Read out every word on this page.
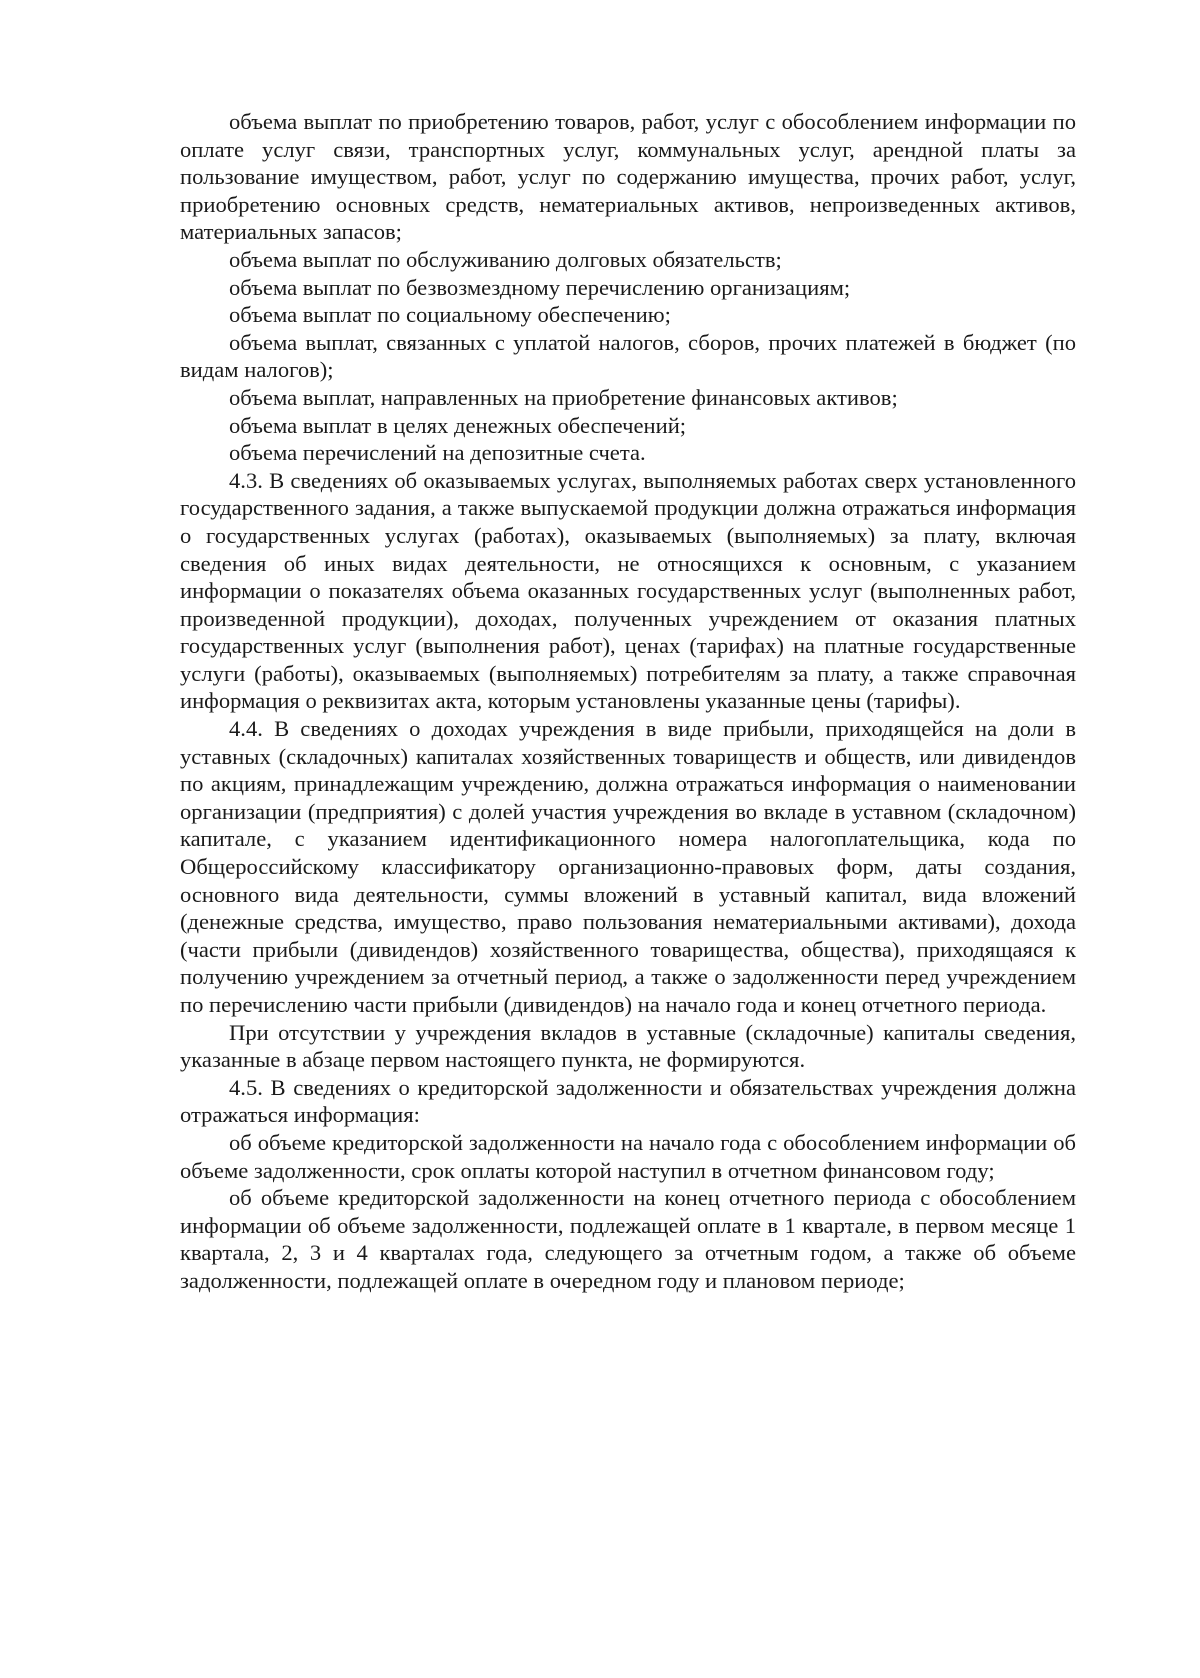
объема выплат по приобретению товаров, работ, услуг с обособлением информации по оплате услуг связи, транспортных услуг, коммунальных услуг, арендной платы за пользование имуществом, работ, услуг по содержанию имущества, прочих работ, услуг, приобретению основных средств, нематериальных активов, непроизведенных активов, материальных запасов;

объема выплат по обслуживанию долговых обязательств;

объема выплат по безвозмездному перечислению организациям;

объема выплат по социальному обеспечению;

объема выплат, связанных с уплатой налогов, сборов, прочих платежей в бюджет (по видам налогов);

объема выплат, направленных на приобретение финансовых активов;

объема выплат в целях денежных обеспечений;

объема перечислений на депозитные счета.

4.3. В сведениях об оказываемых услугах, выполняемых работах сверх установленного государственного задания, а также выпускаемой продукции должна отражаться информация о государственных услугах (работах), оказываемых (выполняемых) за плату, включая сведения об иных видах деятельности, не относящихся к основным, с указанием информации о показателях объема оказанных государственных услуг (выполненных работ, произведенной продукции), доходах, полученных учреждением от оказания платных государственных услуг (выполнения работ), ценах (тарифах) на платные государственные услуги (работы), оказываемых (выполняемых) потребителям за плату, а также справочная информация о реквизитах акта, которым установлены указанные цены (тарифы).

4.4. В сведениях о доходах учреждения в виде прибыли, приходящейся на доли в уставных (складочных) капиталах хозяйственных товариществ и обществ, или дивидендов по акциям, принадлежащим учреждению, должна отражаться информация о наименовании организации (предприятия) с долей участия учреждения во вкладе в уставном (складочном) капитале, с указанием идентификационного номера налогоплательщика, кода по Общероссийскому классификатору организационно-правовых форм, даты создания, основного вида деятельности, суммы вложений в уставный капитал, вида вложений (денежные средства, имущество, право пользования нематериальными активами), дохода (части прибыли (дивидендов) хозяйственного товарищества, общества), приходящаяся к получению учреждением за отчетный период, а также о задолженности перед учреждением по перечислению части прибыли (дивидендов) на начало года и конец отчетного периода.

При отсутствии у учреждения вкладов в уставные (складочные) капиталы сведения, указанные в абзаце первом настоящего пункта, не формируются.

4.5. В сведениях о кредиторской задолженности и обязательствах учреждения должна отражаться информация:

об объеме кредиторской задолженности на начало года с обособлением информации об объеме задолженности, срок оплаты которой наступил в отчетном финансовом году;

об объеме кредиторской задолженности на конец отчетного периода с обособлением информации об объеме задолженности, подлежащей оплате в 1 квартале, в первом месяце 1 квартала, 2, 3 и 4 кварталах года, следующего за отчетным годом, а также об объеме задолженности, подлежащей оплате в очередном году и плановом периоде;
